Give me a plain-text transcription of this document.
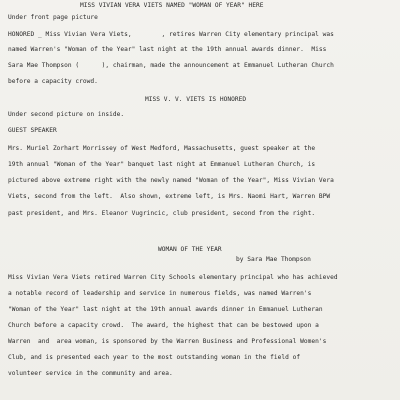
MISS VIVIAN VERA VIETS NAMED "WOMAN OF YEAR" HERE
Under front page picture
HONORED _ Miss Vivian Vera Viets,        , retires Warren City elementary principal was
named Warren's "Woman of the Year" last night at the 19th annual awards dinner.  Miss
Sara Mae Thompson (      ), chairman, made the announcement at Emmanuel Lutheran Church
before a capacity crowd.
MISS V. V. VIETS IS HONORED
Under second picture on inside.
GUEST SPEAKER
Mrs. Muriel Zorhart Morrissey of West Medford, Massachusetts, guest speaker at the
19th annual "Woman of the Year" banquet last night at Emmanuel Lutheran Church, is
pictured above extreme right with the newly named "Woman of the Year", Miss Vivian Vera
Viets, second from the left.  Also shown, extreme left, is Mrs. Naomi Hart, Warren BPW
past president, and Mrs. Eleanor Vugrincic, club president, second from the right.
WOMAN OF THE YEAR
by Sara Mae Thompson
Miss Vivian Vera Viets retired Warren City Schools elementary principal who has achieved
a notable record of leadership and service in numerous fields, was named Warren's
"Woman of the Year" last night at the 19th annual awards dinner in Emmanuel Lutheran
Church before a capacity crowd.  The award, the highest that can be bestowed upon a
Warren  and  area woman, is sponsored by the Warren Business and Professional Women's
Club, and is presented each year to the most outstanding woman in the field of
volunteer service in the community and area.
